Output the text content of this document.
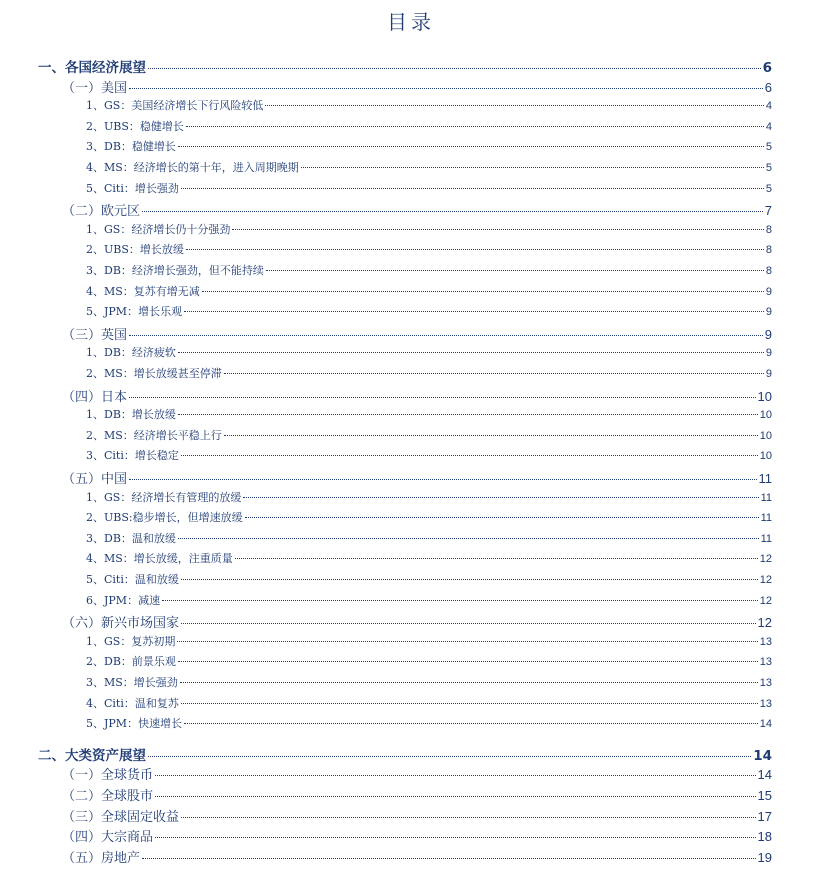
目录
一、各国经济展望	6
（一）美国	6
1、GS：美国经济增长下行风险较低	4
2、UBS：稳健增长	4
3、DB：稳健增长	5
4、MS：经济增长的第十年，进入周期晚期	5
5、Citi：增长强劲	5
（二）欧元区	7
1、GS：经济增长仍十分强劲	8
2、UBS：增长放缓	8
3、DB：经济增长强劲，但不能持续	8
4、MS：复苏有增无减	9
5、JPM：增长乐观	9
（三）英国	9
1、DB：经济疲软	9
2、MS：增长放缓甚至停滞	9
（四）日本	10
1、DB：增长放缓	10
2、MS：经济增长平稳上行	10
3、Citi：增长稳定	10
（五）中国	11
1、GS：经济增长有管理的放缓	11
2、UBS:稳步增长，但增速放缓	11
3、DB：温和放缓	11
4、MS：增长放缓，注重质量	12
5、Citi：温和放缓	12
6、JPM：减速	12
（六）新兴市场国家	12
1、GS：复苏初期	13
2、DB：前景乐观	13
3、MS：增长强劲	13
4、Citi：温和复苏	13
5、JPM：快速增长	14
二、大类资产展望	14
（一）全球货币	14
（二）全球股市	15
（三）全球固定收益	17
（四）大宗商品	18
（五）房地产	19
